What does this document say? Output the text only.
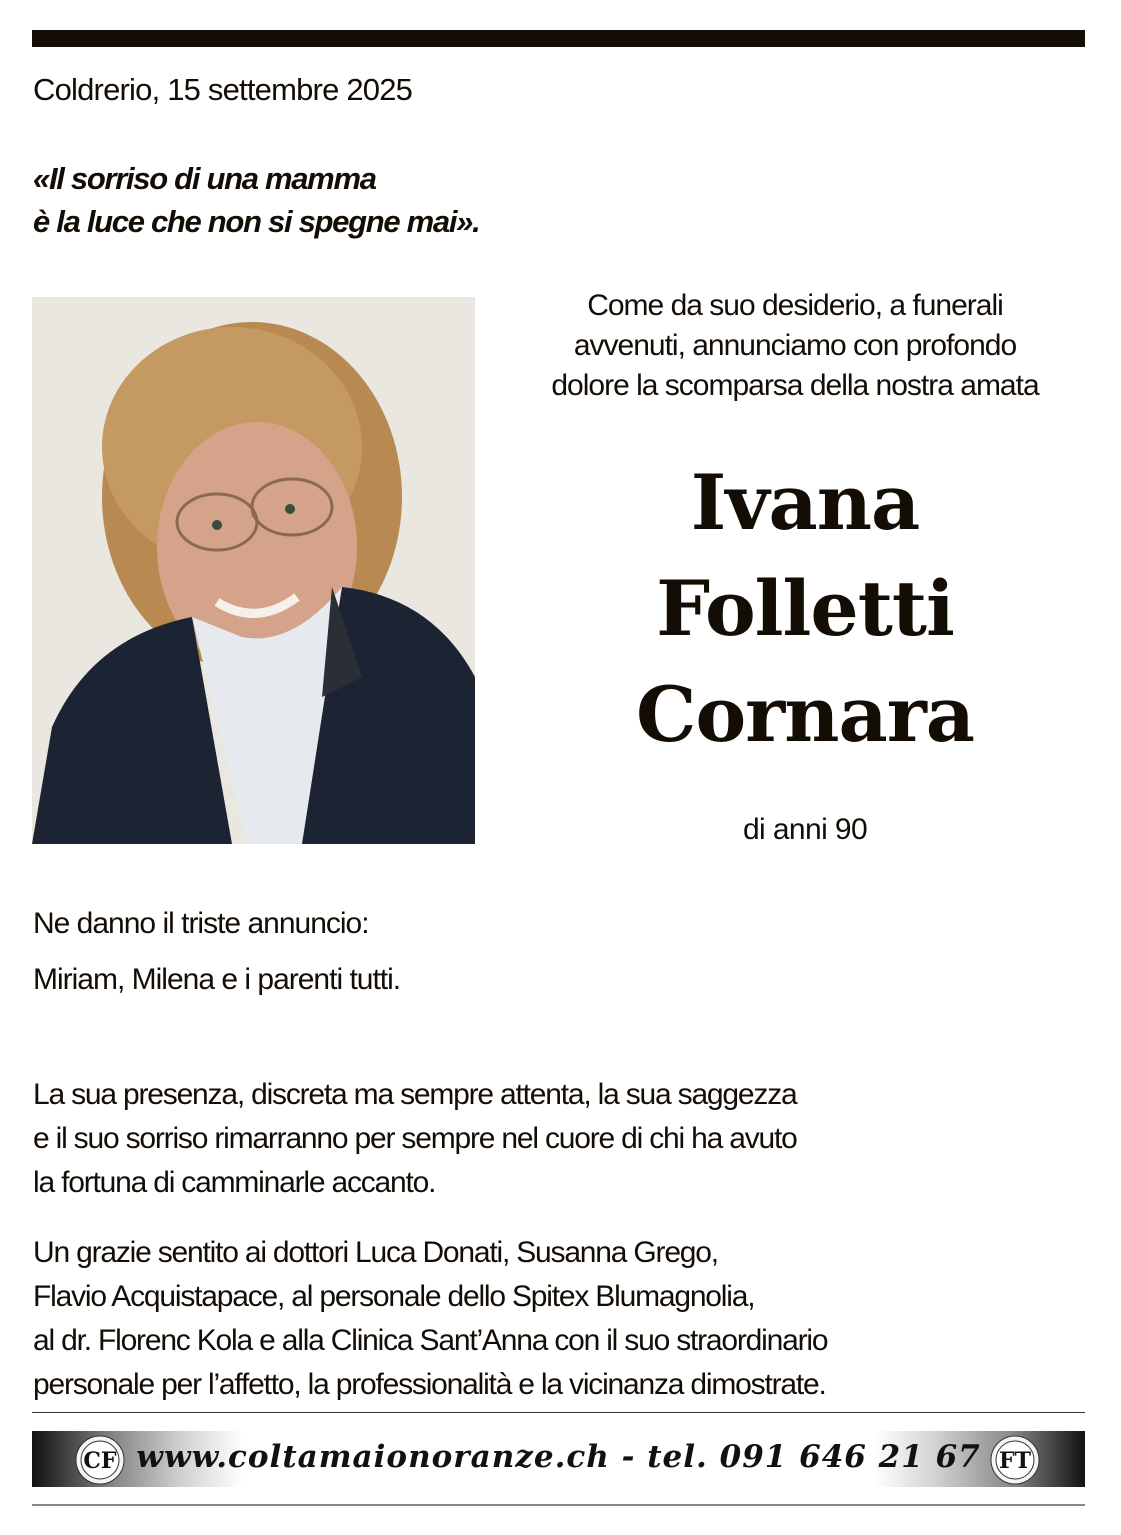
Coldrerio, 15 settembre 2025
«Il sorriso di una mamma
è la luce che non si spegne mai».
Come da suo desiderio, a funerali
avvenuti, annunciamo con profondo
dolore la scomparsa della nostra amata
Ivana
Folletti
Cornara
di anni 90
Ne danno il triste annuncio:
Miriam, Milena e i parenti tutti.

La sua presenza, discreta ma sempre attenta, la sua saggezza
e il suo sorriso rimarranno per sempre nel cuore di chi ha avuto
la fortuna di camminarle accanto.

Un grazie sentito ai dottori Luca Donati, Susanna Grego,
Flavio Acquistapace, al personale dello Spitex Blumagnolia,
al dr. Florenc Kola e alla Clinica Sant’Anna con il suo straordinario
personale per l’affetto, la professionalità e la vicinanza dimostrate.

CF www.coltamaionoranze.ch - tel. 091 646 21 67 FT
